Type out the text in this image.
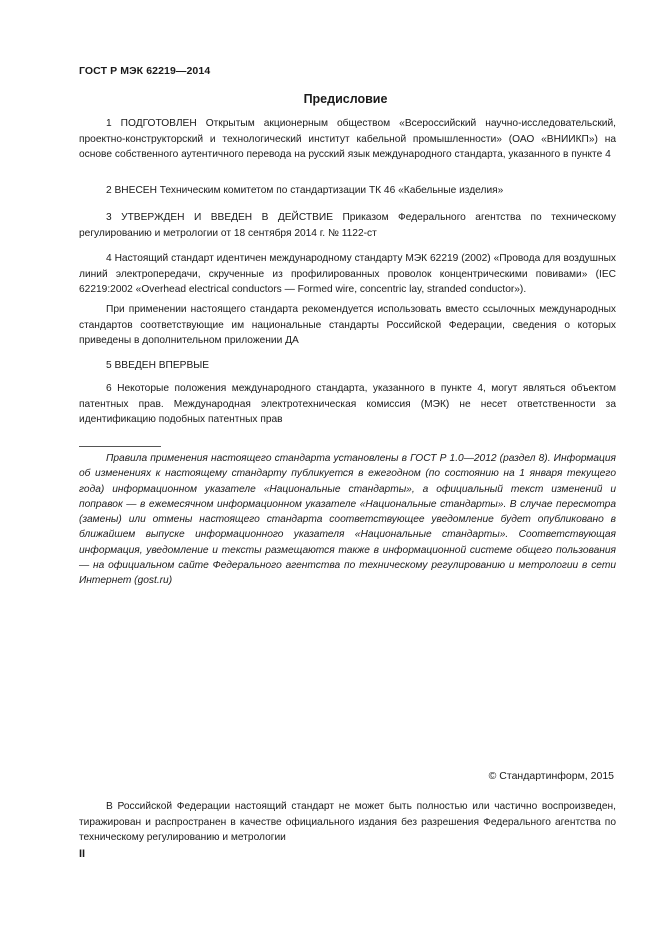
ГОСТ Р МЭК 62219—2014
Предисловие

1 ПОДГОТОВЛЕН Открытым акционерным обществом «Всероссийский научно-исследовательский, проектно-конструкторский и технологический институт кабельной промышленности» (ОАО «ВНИИКП») на основе собственного аутентичного перевода на русский язык международного стандарта, указанного в пункте 4

2 ВНЕСЕН Техническим комитетом по стандартизации ТК 46 «Кабельные изделия»

3 УТВЕРЖДЕН И ВВЕДЕН В ДЕЙСТВИЕ Приказом Федерального агентства по техническому регулированию и метрологии от 18 сентября 2014 г. № 1122-ст

4 Настоящий стандарт идентичен международному стандарту МЭК 62219 (2002) «Провода для воздушных линий электропередачи, скрученные из профилированных проволок концентрическими повивами» (IEC 62219:2002 «Overhead electrical conductors — Formed wire, concentric lay, stranded conductor»).

При применении настоящего стандарта рекомендуется использовать вместо ссылочных международных стандартов соответствующие им национальные стандарты Российской Федерации, сведения о которых приведены в дополнительном приложении ДА

5 ВВЕДЕН ВПЕРВЫЕ

6 Некоторые положения международного стандарта, указанного в пункте 4, могут являться объектом патентных прав. Международная электротехническая комиссия (МЭК) не несет ответственности за идентификацию подобных патентных прав

Правила применения настоящего стандарта установлены в ГОСТ Р 1.0—2012 (раздел 8). Информация об изменениях к настоящему стандарту публикуется в ежегодном (по состоянию на 1 января текущего года) информационном указателе «Национальные стандарты», а официальный текст изменений и поправок — в ежемесячном информационном указателе «Национальные стандарты». В случае пересмотра (замены) или отмены настоящего стандарта соответствующее уведомление будет опубликовано в ближайшем выпуске информационного указателя «Национальные стандарты». Соответствующая информация, уведомление и тексты размещаются также в информационной системе общего пользования — на официальном сайте Федерального агентства по техническому регулированию и метрологии в сети Интернет (gost.ru)

© Стандартинформ, 2015

В Российской Федерации настоящий стандарт не может быть полностью или частично воспроизведен, тиражирован и распространен в качестве официального издания без разрешения Федерального агентства по техническому регулированию и метрологии

II
